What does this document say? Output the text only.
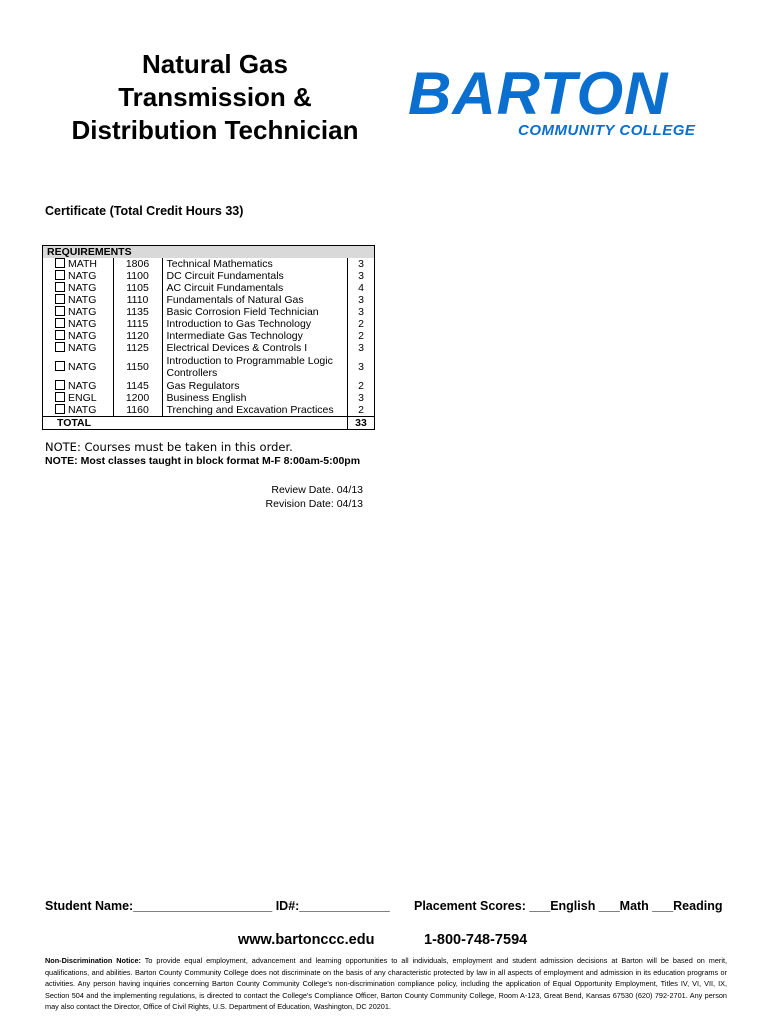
Natural Gas
Transmission &
Distribution Technician
BARTON
COMMUNITY COLLEGE
Certificate (Total Credit Hours 33)
REQUIREMENTS			
MATH	1806	Technical Mathematics	3
NATG	1100	DC Circuit Fundamentals	3
NATG	1105	AC Circuit Fundamentals	4
NATG	1110	Fundamentals of Natural Gas	3
NATG	1135	Basic Corrosion Field Technician	3
NATG	1115	Introduction to Gas Technology	2
NATG	1120	Intermediate Gas Technology	2
NATG	1125	Electrical Devices & Controls I	3
NATG	1150	Introduction to Programmable Logic Controllers	3
NATG	1145	Gas Regulators	2
ENGL	1200	Business English	3
NATG	1160	Trenching and Excavation Practices	2
TOTAL			33
NOTE: Courses must be taken in this order.
NOTE: Most classes taught in block format M-F 8:00am-5:00pm
Review Date. 04/13
Revision Date: 04/13
Student Name:____________________ ID#:_____________ Placement Scores: ___English ___Math ___Reading
www.bartonccc.edu	1-800-748-7594
Non-Discrimination Notice: To provide equal employment, advancement and learning opportunities to all individuals, employment and student admission decisions at Barton will be based on merit, qualifications, and abilities. Barton County Community College does not discriminate on the basis of any characteristic protected by law in all aspects of employment and admission in its education programs or activities. Any person having inquiries concerning Barton County Community College's non-discrimination compliance policy, including the application of Equal Opportunity Employment, Titles IV, VI, VII, IX, Section 504 and the implementing regulations, is directed to contact the College's Compliance Officer, Barton County Community College, Room A-123, Great Bend, Kansas 67530 (620) 792-2701. Any person may also contact the Director, Office of Civil Rights, U.S. Department of Education, Washington, DC 20201.
